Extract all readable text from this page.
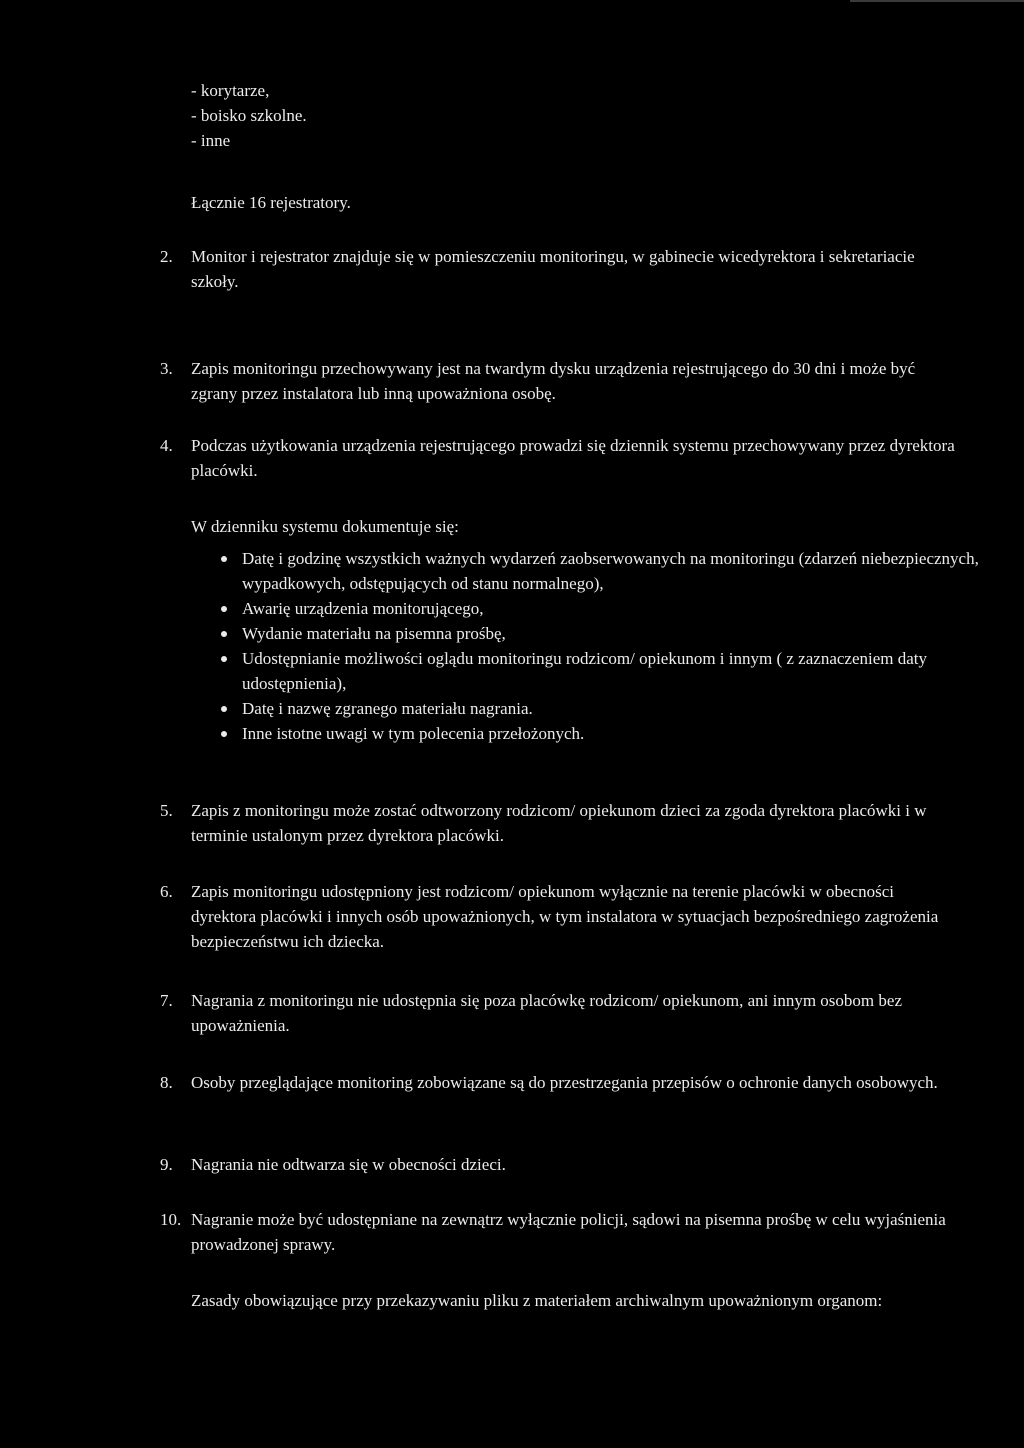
- korytarze,
- boisko szkolne.
- inne
Łącznie 16 rejestratory.
2. Monitor i rejestrator znajduje się w pomieszczeniu monitoringu, w gabinecie wicedyrektora i sekretariacie szkoły.
3. Zapis monitoringu przechowywany jest na twardym dysku urządzenia rejestrującego do 30 dni i może być zgrany przez instalatora lub inną upoważniona osobę.
4. Podczas użytkowania urządzenia rejestrującego prowadzi się dziennik systemu przechowywany przez dyrektora placówki.
W dzienniku systemu dokumentuje się:
Datę i godzinę wszystkich ważnych wydarzeń zaobserwowanych na monitoringu (zdarzeń niebezpiecznych, wypadkowych, odstępujących od stanu normalnego),
Awarię urządzenia monitorującego,
Wydanie materiału na pisemna prośbę,
Udostępnianie możliwości oglądu monitoringu rodzicom/ opiekunom i innym ( z zaznaczeniem daty udostępnienia),
Datę i nazwę zgranego materiału nagrania.
Inne istotne uwagi w tym polecenia przełożonych.
5. Zapis z monitoringu może zostać odtworzony rodzicom/ opiekunom dzieci za zgoda dyrektora placówki i w terminie ustalonym przez dyrektora placówki.
6. Zapis monitoringu udostępniony jest rodzicom/ opiekunom wyłącznie na terenie placówki w obecności dyrektora placówki i innych osób upoważnionych, w tym instalatora w sytuacjach bezpośredniego zagrożenia bezpieczeństwu ich dziecka.
7. Nagrania z monitoringu nie udostępnia się poza placówkę rodzicom/ opiekunom, ani innym osobom bez upoważnienia.
8. Osoby przeglądające monitoring zobowiązane są do przestrzegania przepisów o ochronie danych osobowych.
9. Nagrania nie odtwarza się w obecności dzieci.
10. Nagranie może być udostępniane na zewnątrz wyłącznie policji, sądowi na pisemna prośbę w celu wyjaśnienia prowadzonej sprawy.
Zasady obowiązujące przy przekazywaniu pliku z materiałem archiwalnym upoważnionym organom:
